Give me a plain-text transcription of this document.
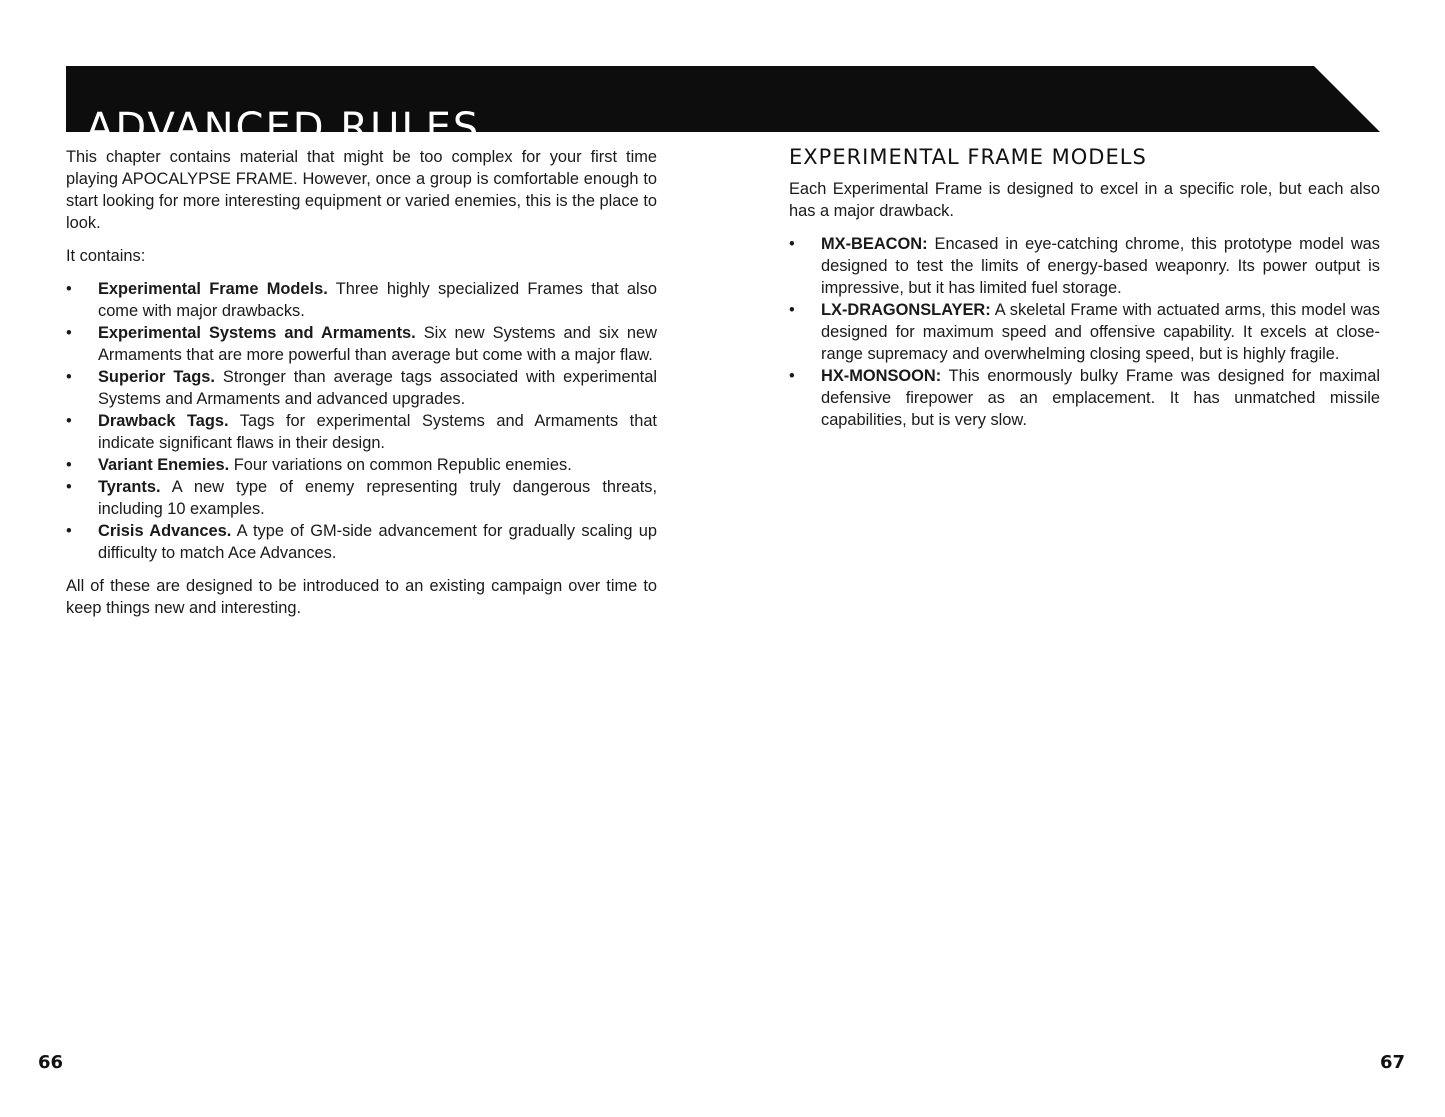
ADVANCED RULES

This chapter contains material that might be too complex for your first time playing APOCALYPSE FRAME. However, once a group is comfortable enough to start looking for more interesting equipment or varied enemies, this is the place to look.

It contains:

• Experimental Frame Models. Three highly specialized Frames that also come with major drawbacks.
• Experimental Systems and Armaments. Six new Systems and six new Armaments that are more powerful than average but come with a major flaw.
• Superior Tags. Stronger than average tags associated with experimental Systems and Armaments and advanced upgrades.
• Drawback Tags. Tags for experimental Systems and Armaments that indicate significant flaws in their design.
• Variant Enemies. Four variations on common Republic enemies.
• Tyrants. A new type of enemy representing truly dangerous threats, including 10 examples.
• Crisis Advances. A type of GM-side advancement for gradually scaling up difficulty to match Ace Advances.

All of these are designed to be introduced to an existing campaign over time to keep things new and interesting.

EXPERIMENTAL FRAME MODELS

Each Experimental Frame is designed to excel in a specific role, but each also has a major drawback.

• MX-BEACON: Encased in eye-catching chrome, this prototype model was designed to test the limits of energy-based weaponry. Its power output is impressive, but it has limited fuel storage.
• LX-DRAGONSLAYER: A skeletal Frame with actuated arms, this model was designed for maximum speed and offensive capability. It excels at close-range supremacy and overwhelming closing speed, but is highly fragile.
• HX-MONSOON: This enormously bulky Frame was designed for maximal defensive firepower as an emplacement. It has unmatched missile capabilities, but is very slow.
66	67
